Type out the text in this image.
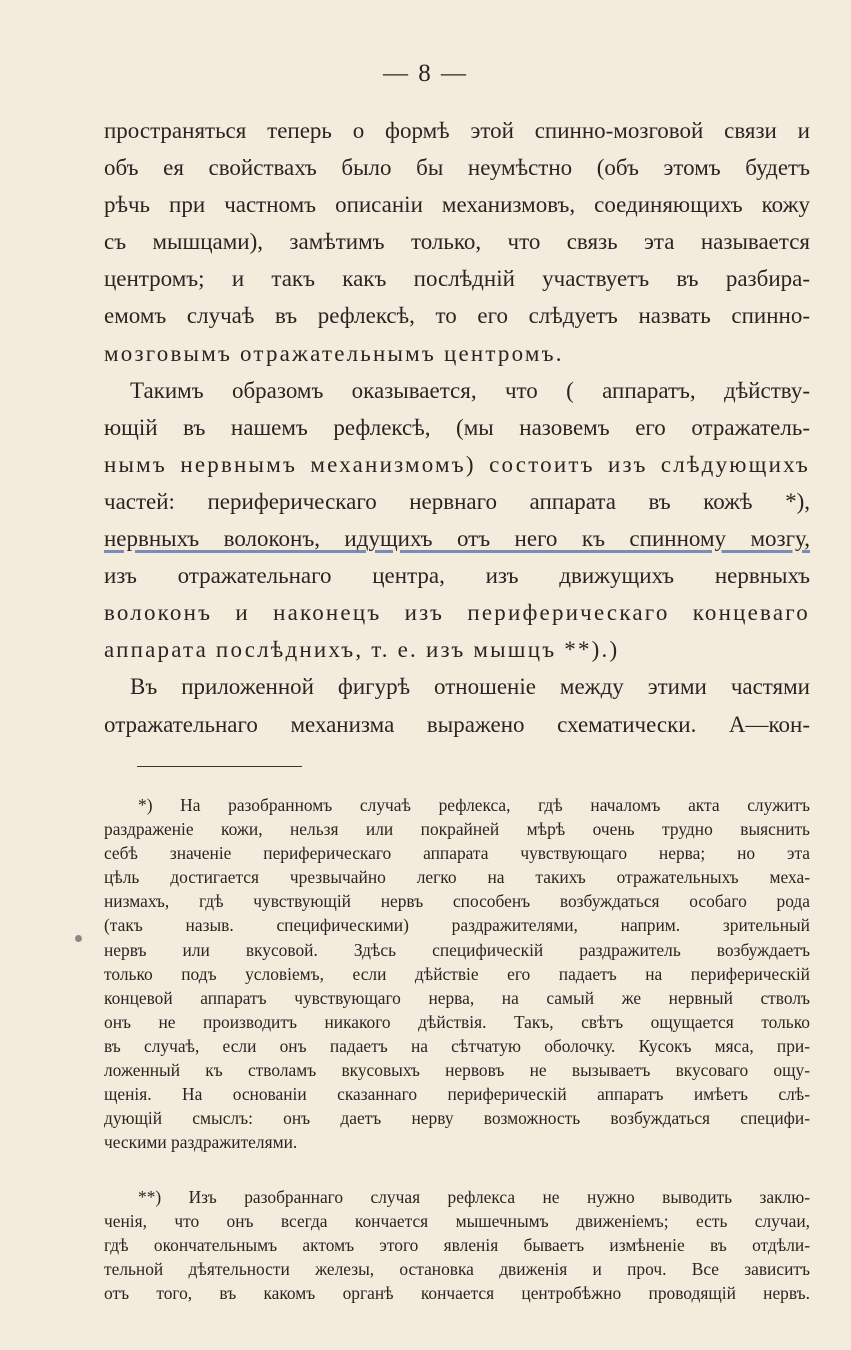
— 8 —
пространяться теперь о формѣ этой спинно-мозговой связи и
объ ея свойствахъ было бы неумѣстно (объ этомъ будетъ
рѣчь при частномъ описаніи механизмовъ, соединяющихъ кожу
съ мышцами), замѣтимъ только, что связь эта называется
центромъ; и такъ какъ послѣдній участвуетъ въ разбира-
емомъ случаѣ въ рефлексѣ, то его слѣдуетъ назвать спинно-
мозговымъ отражательнымъ центромъ.
Такимъ образомъ оказывается, что ( аппаратъ, дѣйству-
ющій въ нашемъ рефлексѣ, (мы назовемъ его отражатель-
нымъ нервнымъ механизмомъ) состоитъ изъ слѣдующихъ
частей: периферическаго нервнаго аппарата въ кожѣ *),
нервныхъ волоконъ, идущихъ отъ него къ спинному мозгу,
изъ отражательнаго центра, изъ движущихъ нервныхъ
волоконъ и наконецъ изъ периферическаго концеваго
аппарата послѣднихъ, т. е. изъ мышцъ **).)
Въ приложенной фигурѣ отношеніе между этими частями
отражательнаго механизма выражено схематически. А—кон-
*) На разобранномъ случаѣ рефлекса, гдѣ началомъ акта служитъ
раздраженіе кожи, нельзя или покрайней мѣрѣ очень трудно выяснить
себѣ значеніе периферическаго аппарата чувствующаго нерва; но эта
цѣль достигается чрезвычайно легко на такихъ отражательныхъ меха-
низмахъ, гдѣ чувствующій нервъ способенъ возбуждаться особаго рода
(такъ назыв. специфическими) раздражителями, наприм. зрительный
нервъ или вкусовой. Здѣсь специфическій раздражитель возбуждаетъ
только подъ условіемъ, если дѣйствіе его падаетъ на периферическій
концевой аппаратъ чувствующаго нерва, на самый же нервный стволъ
онъ не производитъ никакого дѣйствія. Такъ, свѣтъ ощущается только
въ случаѣ, если онъ падаетъ на сѣтчатую оболочку. Кусокъ мяса, при-
ложенный къ стволамъ вкусовыхъ нервовъ не вызываетъ вкусоваго ощу-
щенія. На основаніи сказаннаго периферическій аппаратъ имѣетъ слѣ-
дующій смыслъ: онъ даетъ нерву возможность возбуждаться специфи-
ческими раздражителями.
**) Изъ разобраннаго случая рефлекса не нужно выводить заклю-
ченія, что онъ всегда кончается мышечнымъ движеніемъ; есть случаи,
гдѣ окончательнымъ актомъ этого явленія бываетъ измѣненіе въ отдѣли-
тельной дѣятельности железы, остановка движенія и проч. Все зависитъ
отъ того, въ какомъ органѣ кончается центробѣжно проводящій нервъ.
